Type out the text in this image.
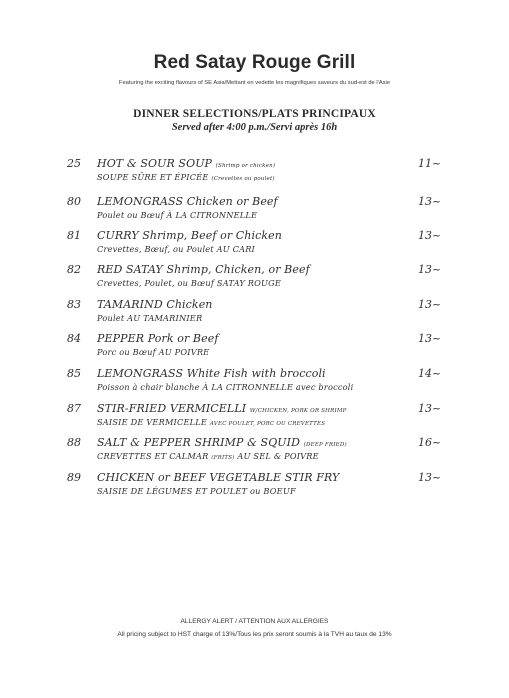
Red Satay Rouge Grill
Featuring the exciting flavours of SE Asia/Mettant en vedette les magnifiques saveurs du sud-est de l'Asie
DINNER SELECTIONS/PLATS PRINCIPAUX
Served after 4:00 p.m./Servi après 16h
25 HOT & SOUR SOUP (Shrimp or chicken)
SOUPE SÛRE ET ÉPICÉE (Crevettes ou poulet)
11~
80 LEMONGRASS Chicken or Beef
Poulet ou Bœuf À LA CITRONNELLE
13~
81 CURRY Shrimp, Beef or Chicken
Crevettes, Bœuf, ou Poulet AU CARI
13~
82 RED SATAY Shrimp, Chicken, or Beef
Crevettes, Poulet, ou Bœuf SATAY ROUGE
13~
83 TAMARIND Chicken
Poulet AU TAMARINIER
13~
84 PEPPER Pork or Beef
Porc ou Bœuf AU POIVRE
13~
85 LEMONGRASS White Fish with broccoli
Poisson à chair blanche À LA CITRONNELLE avec broccoli
14~
87 STIR-FRIED VERMICELLI W/CHICKEN, PORK OR SHRIMP
SAISIE DE VERMICELLE AVEC POULET, PORC OU CREVETTES
13~
88 SALT & PEPPER SHRIMP & SQUID (DEEP FRIED)
CREVETTES ET CALMAR (FRITS) AU SEL & POIVRE
16~
89 CHICKEN or BEEF VEGETABLE STIR FRY
SAISIE DE LÉGUMES ET POULET ou BOEUF
13~
ALLERGY ALERT / ATTENTION AUX ALLERGIES
All pricing subject to HST charge of 13%/Tous les prix seront soumis à la TVH au taux de 13%
